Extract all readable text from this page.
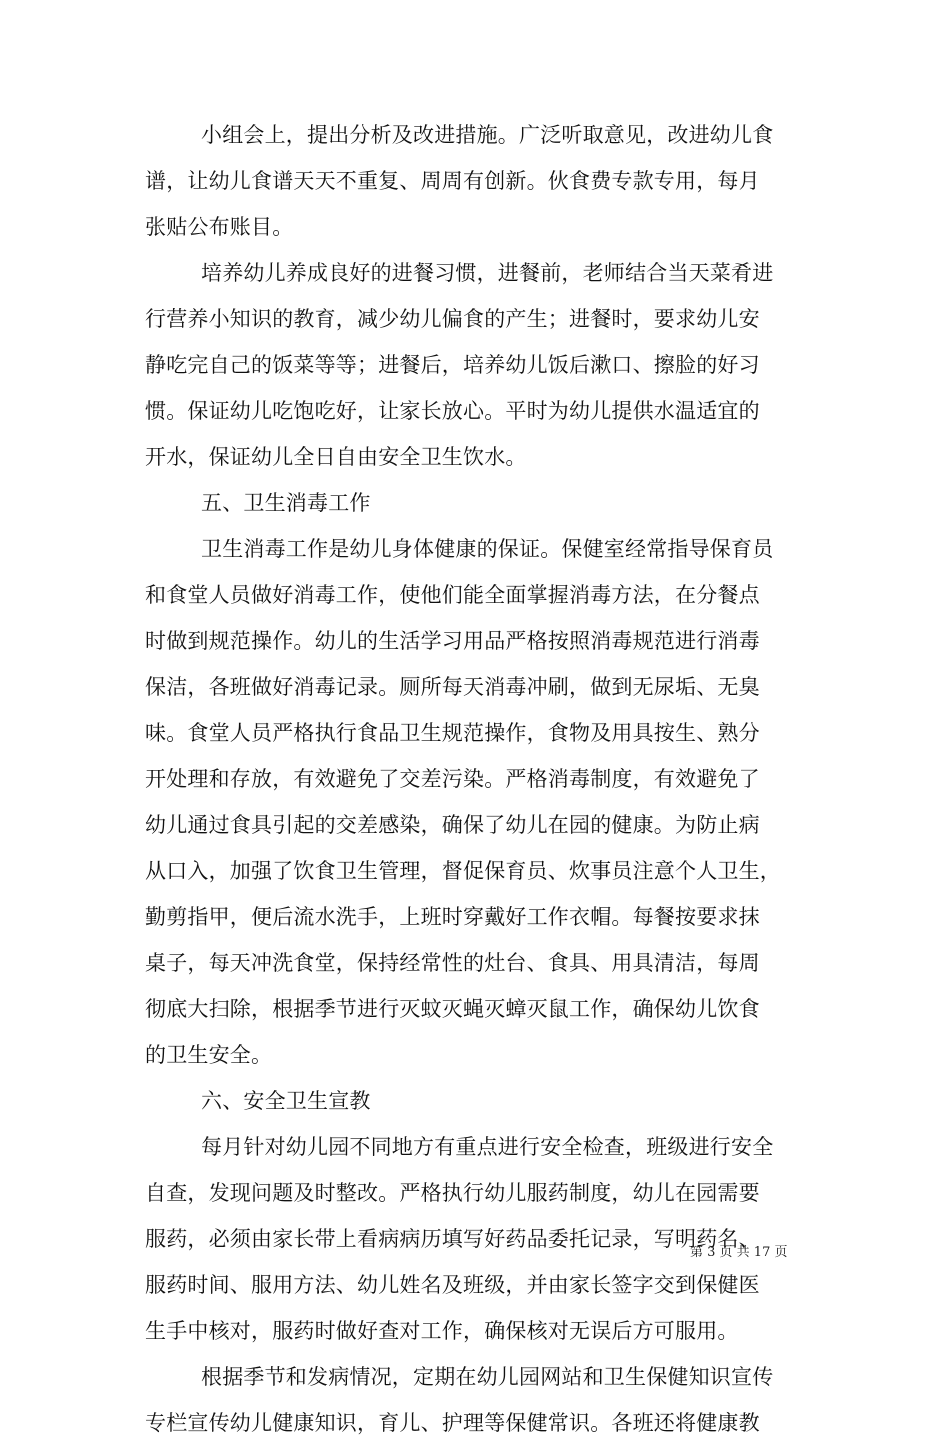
小组会上，提出分析及改进措施。广泛听取意见，改进幼儿食
谱，让幼儿食谱天天不重复、周周有创新。伙食费专款专用，每月
张贴公布账目。
培养幼儿养成良好的进餐习惯，进餐前，老师结合当天菜肴进
行营养小知识的教育，减少幼儿偏食的产生；进餐时，要求幼儿安
静吃完自己的饭菜等等；进餐后，培养幼儿饭后漱口、擦脸的好习
惯。保证幼儿吃饱吃好，让家长放心。平时为幼儿提供水温适宜的
开水，保证幼儿全日自由安全卫生饮水。
五、卫生消毒工作
卫生消毒工作是幼儿身体健康的保证。保健室经常指导保育员
和食堂人员做好消毒工作，使他们能全面掌握消毒方法，在分餐点
时做到规范操作。幼儿的生活学习用品严格按照消毒规范进行消毒
保洁，各班做好消毒记录。厕所每天消毒冲刷，做到无尿垢、无臭
味。食堂人员严格执行食品卫生规范操作，食物及用具按生、熟分
开处理和存放，有效避免了交差污染。严格消毒制度，有效避免了
幼儿通过食具引起的交差感染，确保了幼儿在园的健康。为防止病
从口入，加强了饮食卫生管理，督促保育员、炊事员注意个人卫生，
勤剪指甲，便后流水洗手，上班时穿戴好工作衣帽。每餐按要求抹
桌子，每天冲洗食堂，保持经常性的灶台、食具、用具清洁，每周
彻底大扫除，根据季节进行灭蚊灭蝇灭蟑灭鼠工作，确保幼儿饮食
的卫生安全。
六、安全卫生宣教
每月针对幼儿园不同地方有重点进行安全检查，班级进行安全
自查，发现问题及时整改。严格执行幼儿服药制度，幼儿在园需要
服药，必须由家长带上看病病历填写好药品委托记录，写明药名、
服药时间、服用方法、幼儿姓名及班级，并由家长签字交到保健医
生手中核对，服药时做好查对工作，确保核对无误后方可服用。
根据季节和发病情况，定期在幼儿园网站和卫生保健知识宣传
专栏宣传幼儿健康知识，育儿、护理等保健常识。各班还将健康教
第 3 页 共 17 页
